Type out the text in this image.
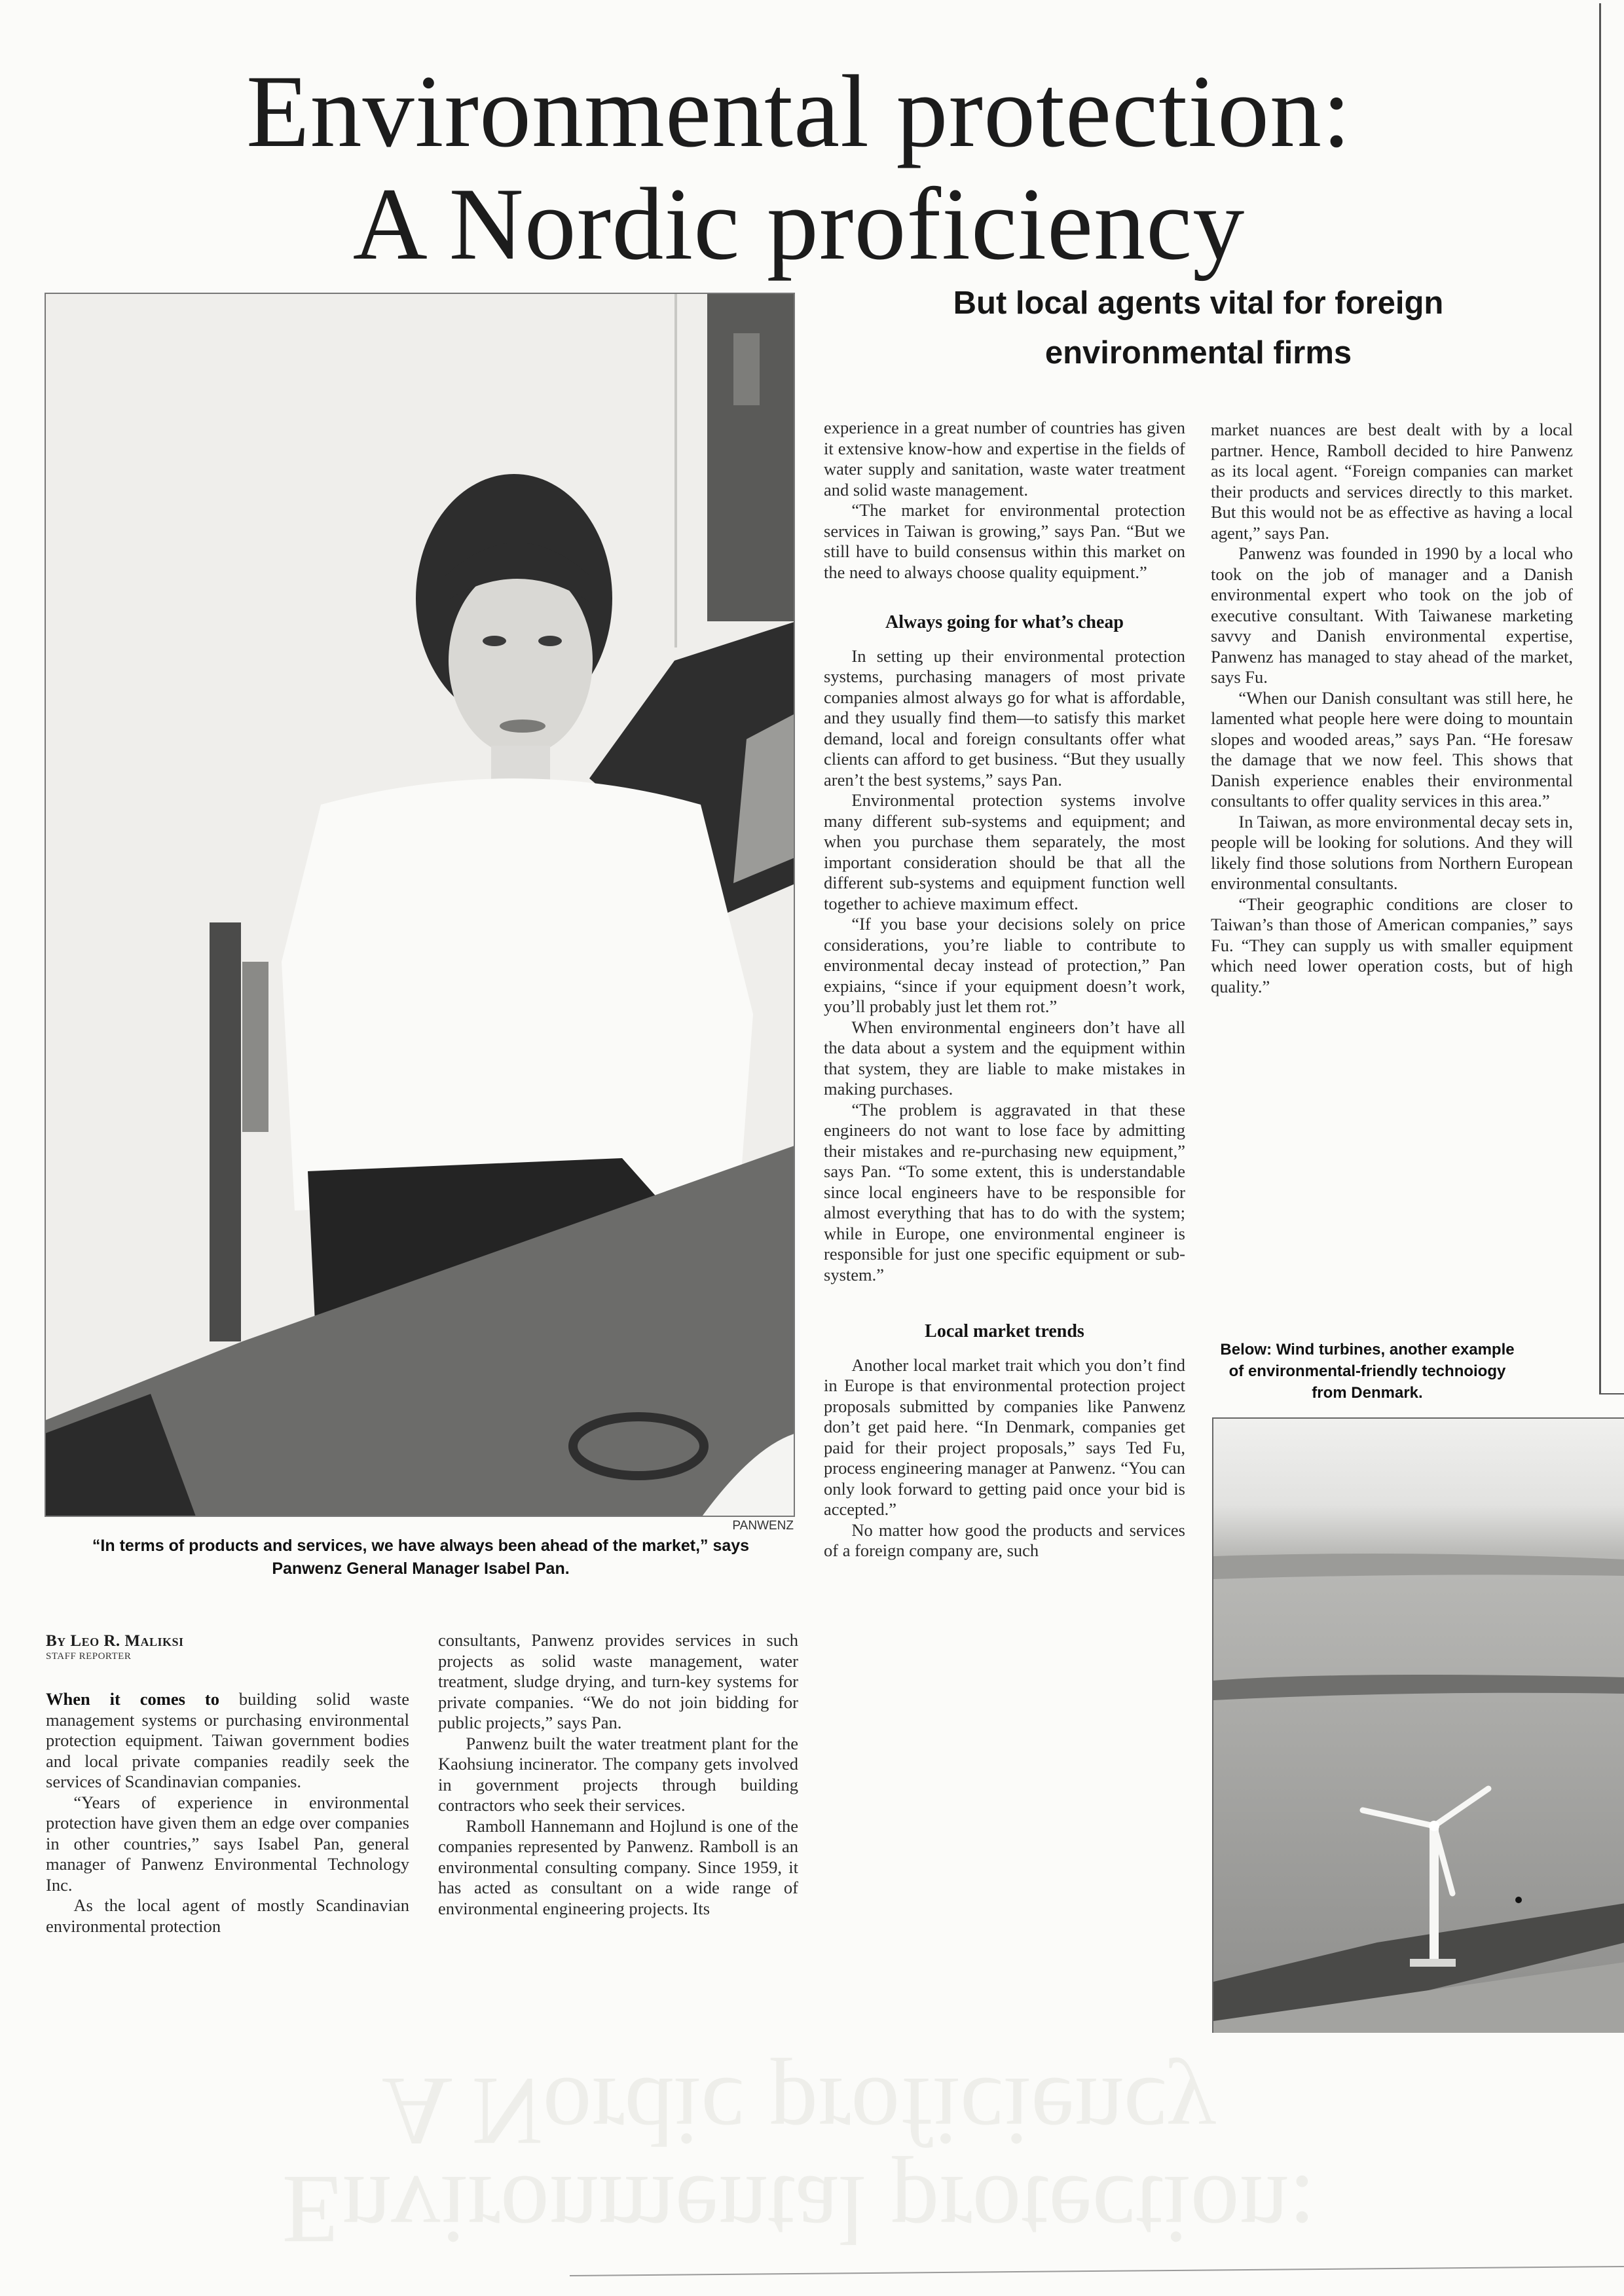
Environmental protection:
A Nordic proficiency
But local agents vital for foreign
environmental firms
PANWENZ
“In terms of products and services, we have always been ahead of the market,” says
Panwenz General Manager Isabel Pan.
By Leo R. Maliksi
STAFF REPORTER

When it comes to building solid waste management systems or purchasing environmental protection equipment. Taiwan government bodies and local private companies readily seek the services of Scandinavian companies.

“Years of experience in environmental protection have given them an edge over companies in other countries,” says Isabel Pan, general manager of Panwenz Environmental Technology Inc.

As the local agent of mostly Scandinavian environmental protection

consultants, Panwenz provides services in such projects as solid waste management, water treatment, sludge drying, and turn-key systems for private companies. “We do not join bidding for public projects,” says Pan.

Panwenz built the water treatment plant for the Kaohsiung incinerator. The company gets involved in government projects through building contractors who seek their services.

Ramboll Hannemann and Hojlund is one of the companies represented by Panwenz. Ramboll is an environmental consulting company. Since 1959, it has acted as consultant on a wide range of environmental engineering projects. Its

experience in a great number of countries has given it extensive know-how and expertise in the fields of water supply and sanitation, waste water treatment and solid waste management.

“The market for environmental protection services in Taiwan is growing,” says Pan. “But we still have to build consensus within this market on the need to always choose quality equipment.”

Always going for what’s cheap

In setting up their environmental protection systems, purchasing managers of most private companies almost always go for what is affordable, and they usually find them—to satisfy this market demand, local and foreign consultants offer what clients can afford to get business. “But they usually aren’t the best systems,” says Pan.

Environmental protection systems involve many different sub-systems and equipment; and when you purchase them separately, the most important consideration should be that all the different sub-systems and equipment function well together to achieve maximum effect.

“If you base your decisions solely on price considerations, you’re liable to contribute to environmental decay instead of protection,” Pan expiains, “since if your equipment doesn’t work, you’ll probably just let them rot.”

When environmental engineers don’t have all the data about a system and the equipment within that system, they are liable to make mistakes in making purchases.

“The problem is aggravated in that these engineers do not want to lose face by admitting their mistakes and re-purchasing new equipment,” says Pan. “To some extent, this is understandable since local engineers have to be responsible for almost everything that has to do with the system; while in Europe, one environmental engineer is responsible for just one specific equipment or sub-system.”

Local market trends

Another local market trait which you don’t find in Europe is that environmental protection project proposals submitted by companies like Panwenz don’t get paid here. “In Denmark, companies get paid for their project proposals,” says Ted Fu, process engineering manager at Panwenz. “You can only look forward to getting paid once your bid is accepted.”

No matter how good the products and services of a foreign company are, such

market nuances are best dealt with by a local partner. Hence, Ramboll decided to hire Panwenz as its local agent. “Foreign companies can market their products and services directly to this market. But this would not be as effective as having a local agent,” says Pan.

Panwenz was founded in 1990 by a local who took on the job of manager and a Danish environmental expert who took on the job of executive consultant. With Taiwanese marketing savvy and Danish environmental expertise, Panwenz has managed to stay ahead of the market, says Fu.

“When our Danish consultant was still here, he lamented what people here were doing to mountain slopes and wooded areas,” says Pan. “He foresaw the damage that we now feel. This shows that Danish experience enables their environmental consultants to offer quality services in this area.”

In Taiwan, as more environmental decay sets in, people will be looking for solutions. And they will likely find those solutions from Northern European environmental consultants.

“Their geographic conditions are closer to Taiwan’s than those of American companies,” says Fu. “They can supply us with smaller equipment which need lower operation costs, but of high quality.”

Below: Wind turbines, another example
of environmental-friendly technoiogy
from Denmark.
A Nordic proficiency
Environmental protection:
